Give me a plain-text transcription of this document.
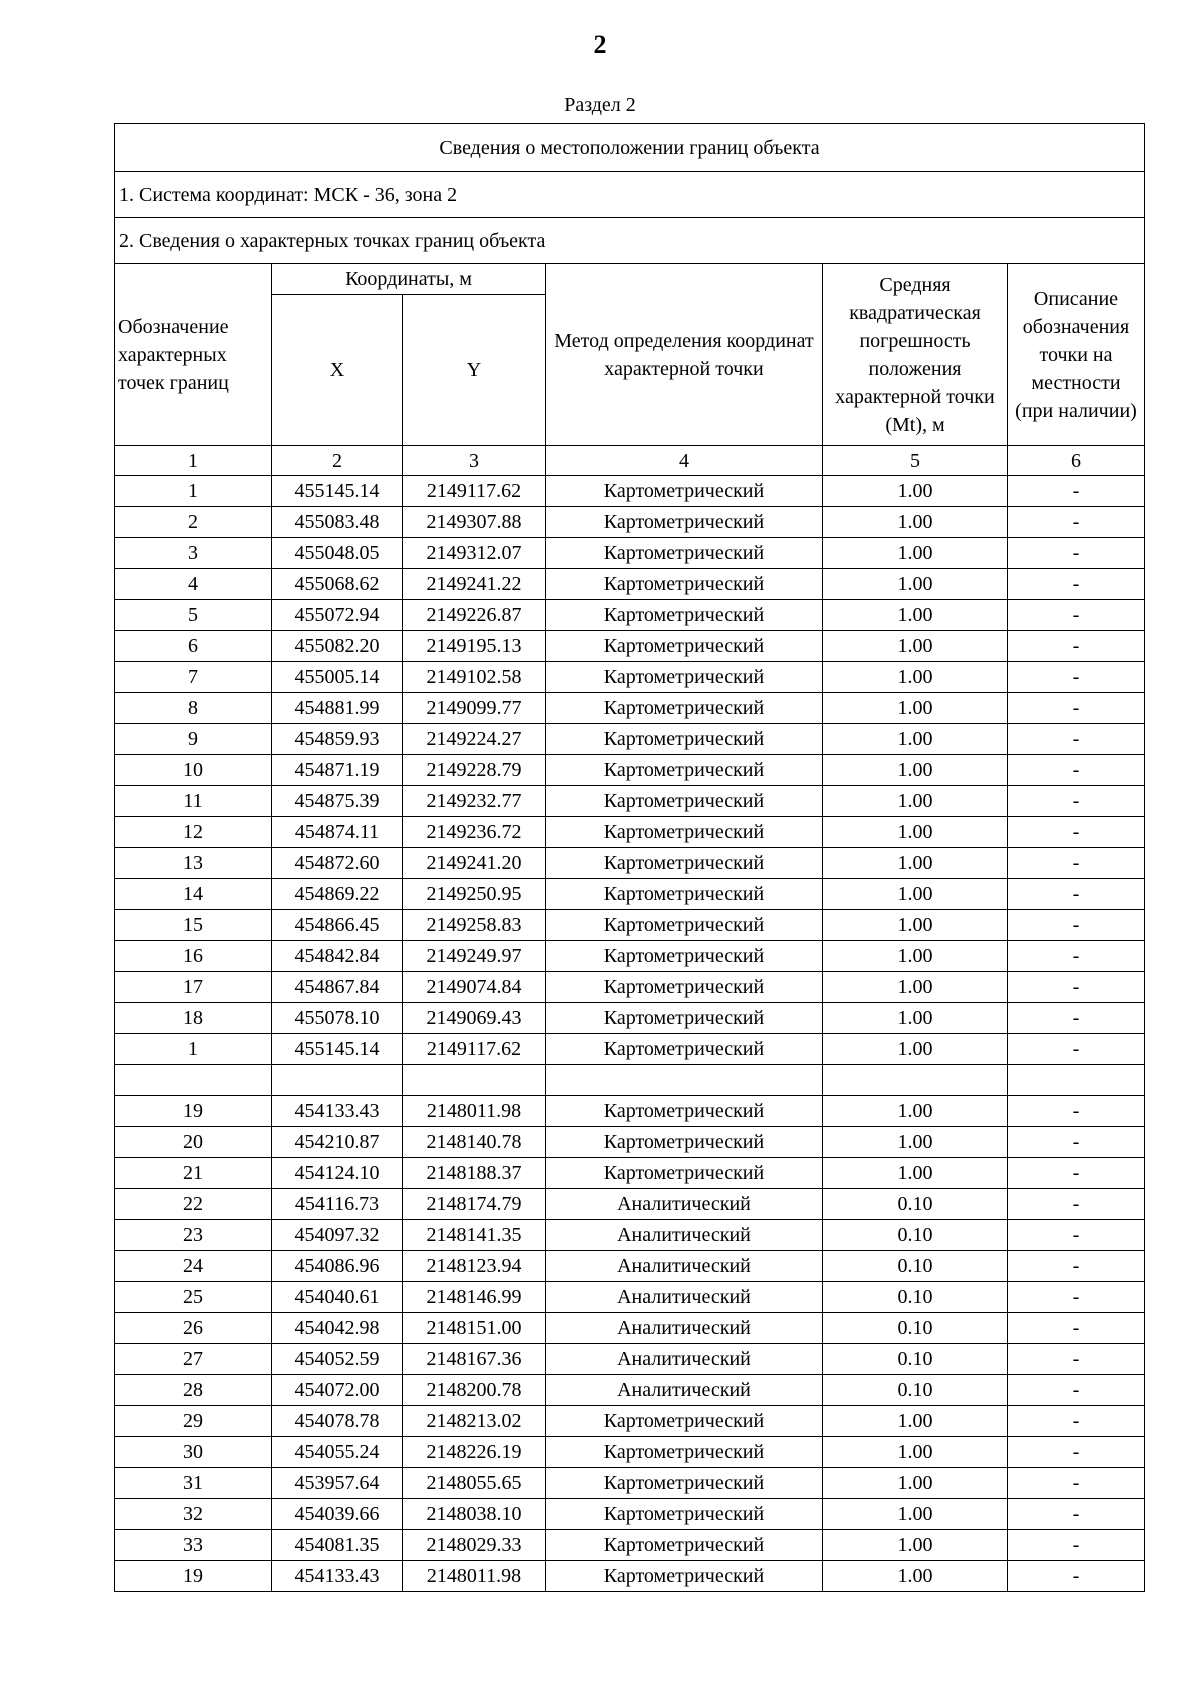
2
Раздел 2
Сведения о местоположении границ объекта					
1. Система координат: МСК - 36, зона 2					
2. Сведения о характерных точках границ объекта					
Обозначение характерных точек границ	Координаты, м		Метод определения координат характерной точки	Средняя квадратическая погрешность положения характерной точки (Mt), м	Описание обозначения точки на местности (при наличии)
	X	Y			
1	2	3	4	5	6
1	455145.14	2149117.62	Картометрический	1.00	-
2	455083.48	2149307.88	Картометрический	1.00	-
3	455048.05	2149312.07	Картометрический	1.00	-
4	455068.62	2149241.22	Картометрический	1.00	-
5	455072.94	2149226.87	Картометрический	1.00	-
6	455082.20	2149195.13	Картометрический	1.00	-
7	455005.14	2149102.58	Картометрический	1.00	-
8	454881.99	2149099.77	Картометрический	1.00	-
9	454859.93	2149224.27	Картометрический	1.00	-
10	454871.19	2149228.79	Картометрический	1.00	-
11	454875.39	2149232.77	Картометрический	1.00	-
12	454874.11	2149236.72	Картометрический	1.00	-
13	454872.60	2149241.20	Картометрический	1.00	-
14	454869.22	2149250.95	Картометрический	1.00	-
15	454866.45	2149258.83	Картометрический	1.00	-
16	454842.84	2149249.97	Картометрический	1.00	-
17	454867.84	2149074.84	Картометрический	1.00	-
18	455078.10	2149069.43	Картометрический	1.00	-
1	455145.14	2149117.62	Картометрический	1.00	-

19	454133.43	2148011.98	Картометрический	1.00	-
20	454210.87	2148140.78	Картометрический	1.00	-
21	454124.10	2148188.37	Картометрический	1.00	-
22	454116.73	2148174.79	Аналитический	0.10	-
23	454097.32	2148141.35	Аналитический	0.10	-
24	454086.96	2148123.94	Аналитический	0.10	-
25	454040.61	2148146.99	Аналитический	0.10	-
26	454042.98	2148151.00	Аналитический	0.10	-
27	454052.59	2148167.36	Аналитический	0.10	-
28	454072.00	2148200.78	Аналитический	0.10	-
29	454078.78	2148213.02	Картометрический	1.00	-
30	454055.24	2148226.19	Картометрический	1.00	-
31	453957.64	2148055.65	Картометрический	1.00	-
32	454039.66	2148038.10	Картометрический	1.00	-
33	454081.35	2148029.33	Картометрический	1.00	-
19	454133.43	2148011.98	Картометрический	1.00	-
